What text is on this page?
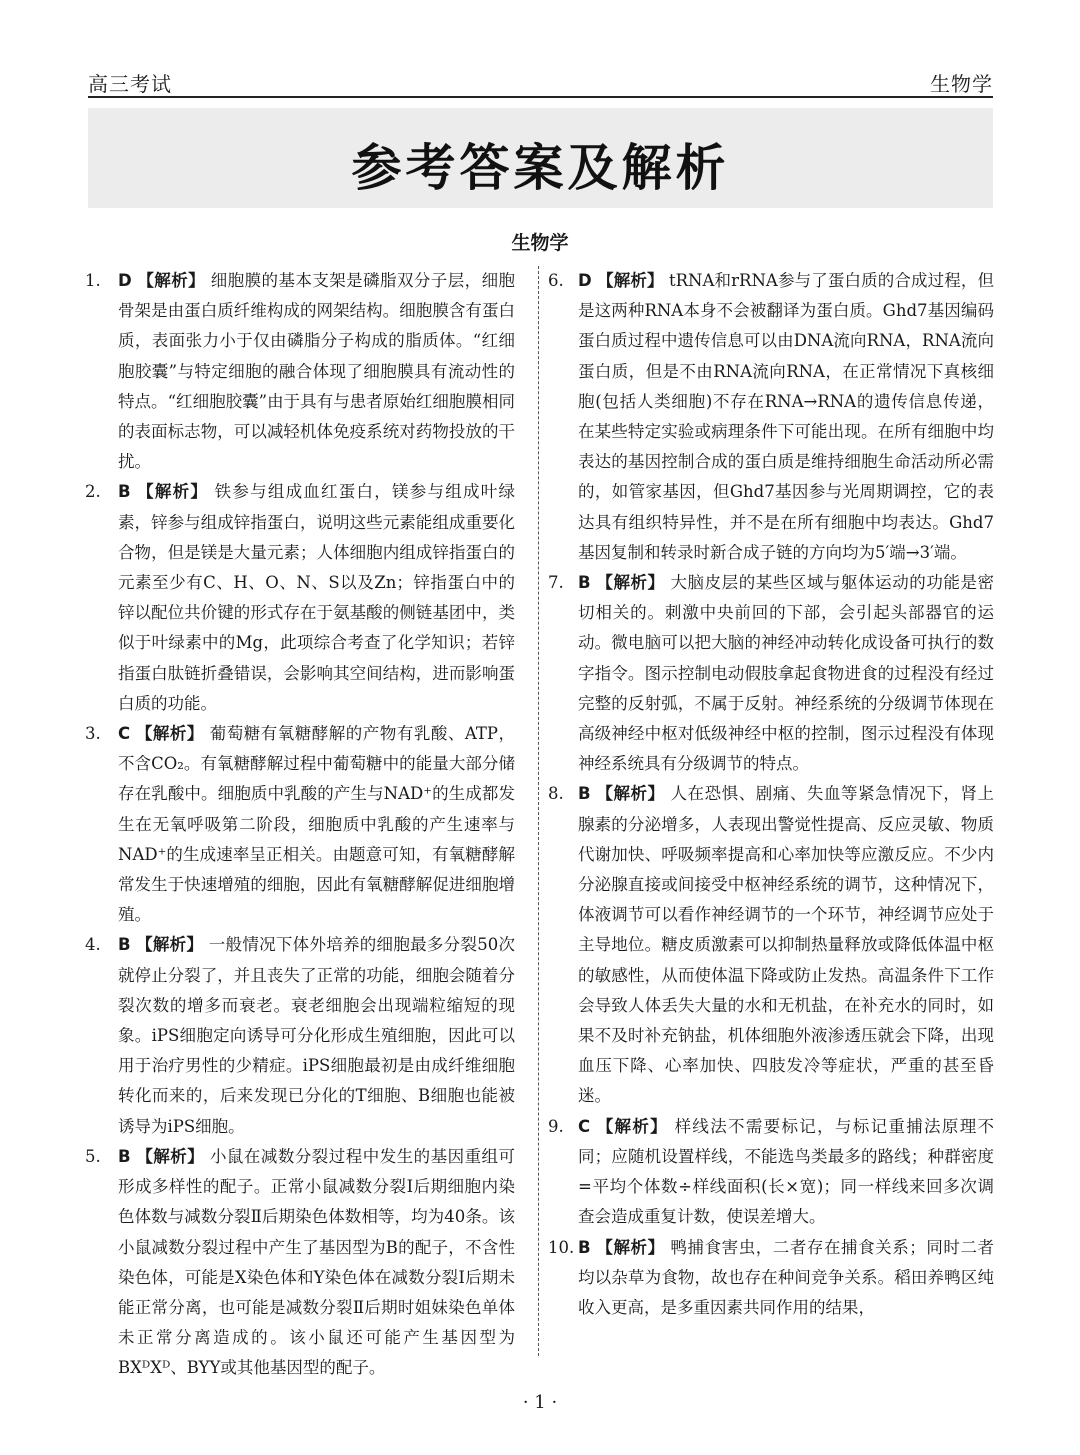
高三考试	生物学
参考答案及解析
生物学
1. D 【解析】 细胞膜的基本支架是磷脂双分子层，细胞骨架是由蛋白质纤维构成的网架结构。细胞膜含有蛋白质，表面张力小于仅由磷脂分子构成的脂质体。“红细胞胶囊”与特定细胞的融合体现了细胞膜具有流动性的特点。“红细胞胶囊”由于具有与患者原始红细胞膜相同的表面标志物，可以减轻机体免疫系统对药物投放的干扰。
2. B 【解析】 铁参与组成血红蛋白，镁参与组成叶绿素，锌参与组成锌指蛋白，说明这些元素能组成重要化合物，但是镁是大量元素；人体细胞内组成锌指蛋白的元素至少有C、H、O、N、S以及Zn；锌指蛋白中的锌以配位共价键的形式存在于氨基酸的侧链基团中，类似于叶绿素中的Mg，此项综合考查了化学知识；若锌指蛋白肽链折叠错误，会影响其空间结构，进而影响蛋白质的功能。
3. C 【解析】 葡萄糖有氧糖酵解的产物有乳酸、ATP，不含CO₂。有氧糖酵解过程中葡萄糖中的能量大部分储存在乳酸中。细胞质中乳酸的产生与NAD⁺的生成都发生在无氧呼吸第二阶段，细胞质中乳酸的产生速率与NAD⁺的生成速率呈正相关。由题意可知，有氧糖酵解常发生于快速增殖的细胞，因此有氧糖酵解促进细胞增殖。
4. B 【解析】 一般情况下体外培养的细胞最多分裂50次就停止分裂了，并且丧失了正常的功能，细胞会随着分裂次数的增多而衰老。衰老细胞会出现端粒缩短的现象。iPS细胞定向诱导可分化形成生殖细胞，因此可以用于治疗男性的少精症。iPS细胞最初是由成纤维细胞转化而来的，后来发现已分化的T细胞、B细胞也能被诱导为iPS细胞。
5. B 【解析】 小鼠在减数分裂过程中发生的基因重组可形成多样性的配子。正常小鼠减数分裂Ⅰ后期细胞内染色体数与减数分裂Ⅱ后期染色体数相等，均为40条。该小鼠减数分裂过程中产生了基因型为B的配子，不含性染色体，可能是X染色体和Y染色体在减数分裂Ⅰ后期未能正常分离，也可能是减数分裂Ⅱ后期时姐妹染色单体未正常分离造成的。该小鼠还可能产生基因型为BXᴰXᴰ、BYY或其他基因型的配子。
6. D 【解析】 tRNA和rRNA参与了蛋白质的合成过程，但是这两种RNA本身不会被翻译为蛋白质。Ghd7基因编码蛋白质过程中遗传信息可以由DNA流向RNA，RNA流向蛋白质，但是不由RNA流向RNA，在正常情况下真核细胞(包括人类细胞)不存在RNA→RNA的遗传信息传递，在某些特定实验或病理条件下可能出现。在所有细胞中均表达的基因控制合成的蛋白质是维持细胞生命活动所必需的，如管家基因，但Ghd7基因参与光周期调控，它的表达具有组织特异性，并不是在所有细胞中均表达。Ghd7基因复制和转录时新合成子链的方向均为5′端→3′端。
7. B 【解析】 大脑皮层的某些区域与躯体运动的功能是密切相关的。刺激中央前回的下部，会引起头部器官的运动。微电脑可以把大脑的神经冲动转化成设备可执行的数字指令。图示控制电动假肢拿起食物进食的过程没有经过完整的反射弧，不属于反射。神经系统的分级调节体现在高级神经中枢对低级神经中枢的控制，图示过程没有体现神经系统具有分级调节的特点。
8. B 【解析】 人在恐惧、剧痛、失血等紧急情况下，肾上腺素的分泌增多，人表现出警觉性提高、反应灵敏、物质代谢加快、呼吸频率提高和心率加快等应激反应。不少内分泌腺直接或间接受中枢神经系统的调节，这种情况下，体液调节可以看作神经调节的一个环节，神经调节应处于主导地位。糖皮质激素可以抑制热量释放或降低体温中枢的敏感性，从而使体温下降或防止发热。高温条件下工作会导致人体丢失大量的水和无机盐，在补充水的同时，如果不及时补充钠盐，机体细胞外液渗透压就会下降，出现血压下降、心率加快、四肢发冷等症状，严重的甚至昏迷。
9. C 【解析】 样线法不需要标记，与标记重捕法原理不同；应随机设置样线，不能选鸟类最多的路线；种群密度=平均个体数÷样线面积(长×宽)；同一样线来回多次调查会造成重复计数，使误差增大。
10. B 【解析】 鸭捕食害虫，二者存在捕食关系；同时二者均以杂草为食物，故也存在种间竞争关系。稻田养鸭区纯收入更高，是多重因素共同作用的结果，
· 1 ·
